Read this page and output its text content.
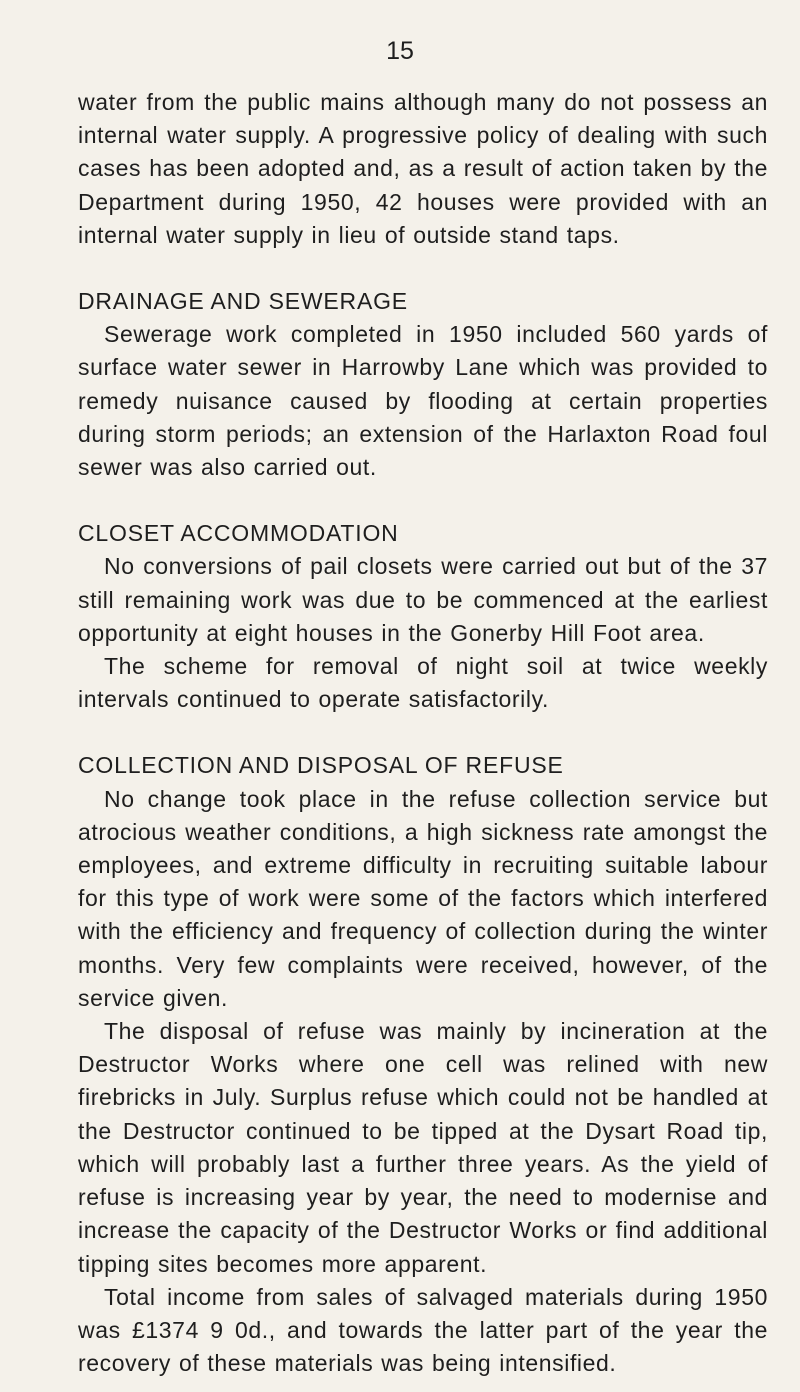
15

water from the public mains although many do not possess an internal water supply. A progressive policy of dealing with such cases has been adopted and, as a result of action taken by the Department during 1950, 42 houses were provided with an internal water supply in lieu of outside stand taps.

DRAINAGE AND SEWERAGE

Sewerage work completed in 1950 included 560 yards of surface water sewer in Harrowby Lane which was provided to remedy nuisance caused by flooding at certain properties during storm periods; an extension of the Harlaxton Road foul sewer was also carried out.

CLOSET ACCOMMODATION

No conversions of pail closets were carried out but of the 37 still remaining work was due to be commenced at the earliest opportunity at eight houses in the Gonerby Hill Foot area.

The scheme for removal of night soil at twice weekly intervals continued to operate satisfactorily.

COLLECTION AND DISPOSAL OF REFUSE

No change took place in the refuse collection service but atrocious weather conditions, a high sickness rate amongst the employees, and extreme difficulty in recruiting suitable labour for this type of work were some of the factors which interfered with the efficiency and frequency of collection during the winter months. Very few complaints were received, however, of the service given.

The disposal of refuse was mainly by incineration at the Destructor Works where one cell was relined with new firebricks in July. Surplus refuse which could not be handled at the Destructor continued to be tipped at the Dysart Road tip, which will probably last a further three years. As the yield of refuse is increasing year by year, the need to modernise and increase the capacity of the Destructor Works or find additional tipping sites becomes more apparent.

Total income from sales of salvaged materials during 1950 was £1374 9 0d., and towards the latter part of the year the recovery of these materials was being intensified.
